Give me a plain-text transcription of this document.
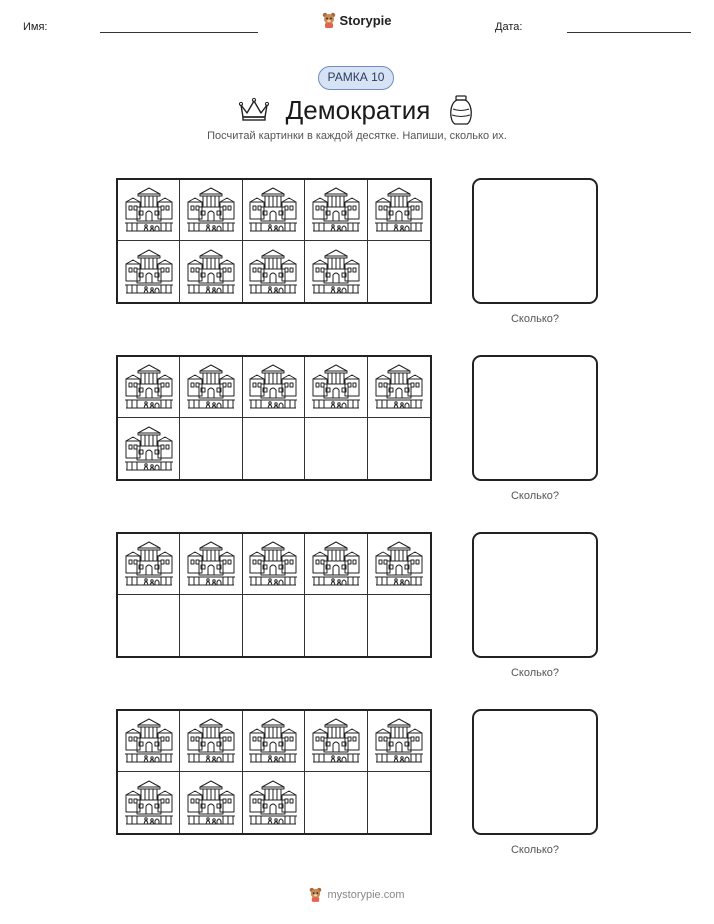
Имя:	Storypie	Дата:
РАМКА 10
Демократия
Посчитай картинки в каждой десятке. Напиши, сколько их.
Сколько?
Сколько?
Сколько?
Сколько?
mystorypie.com
